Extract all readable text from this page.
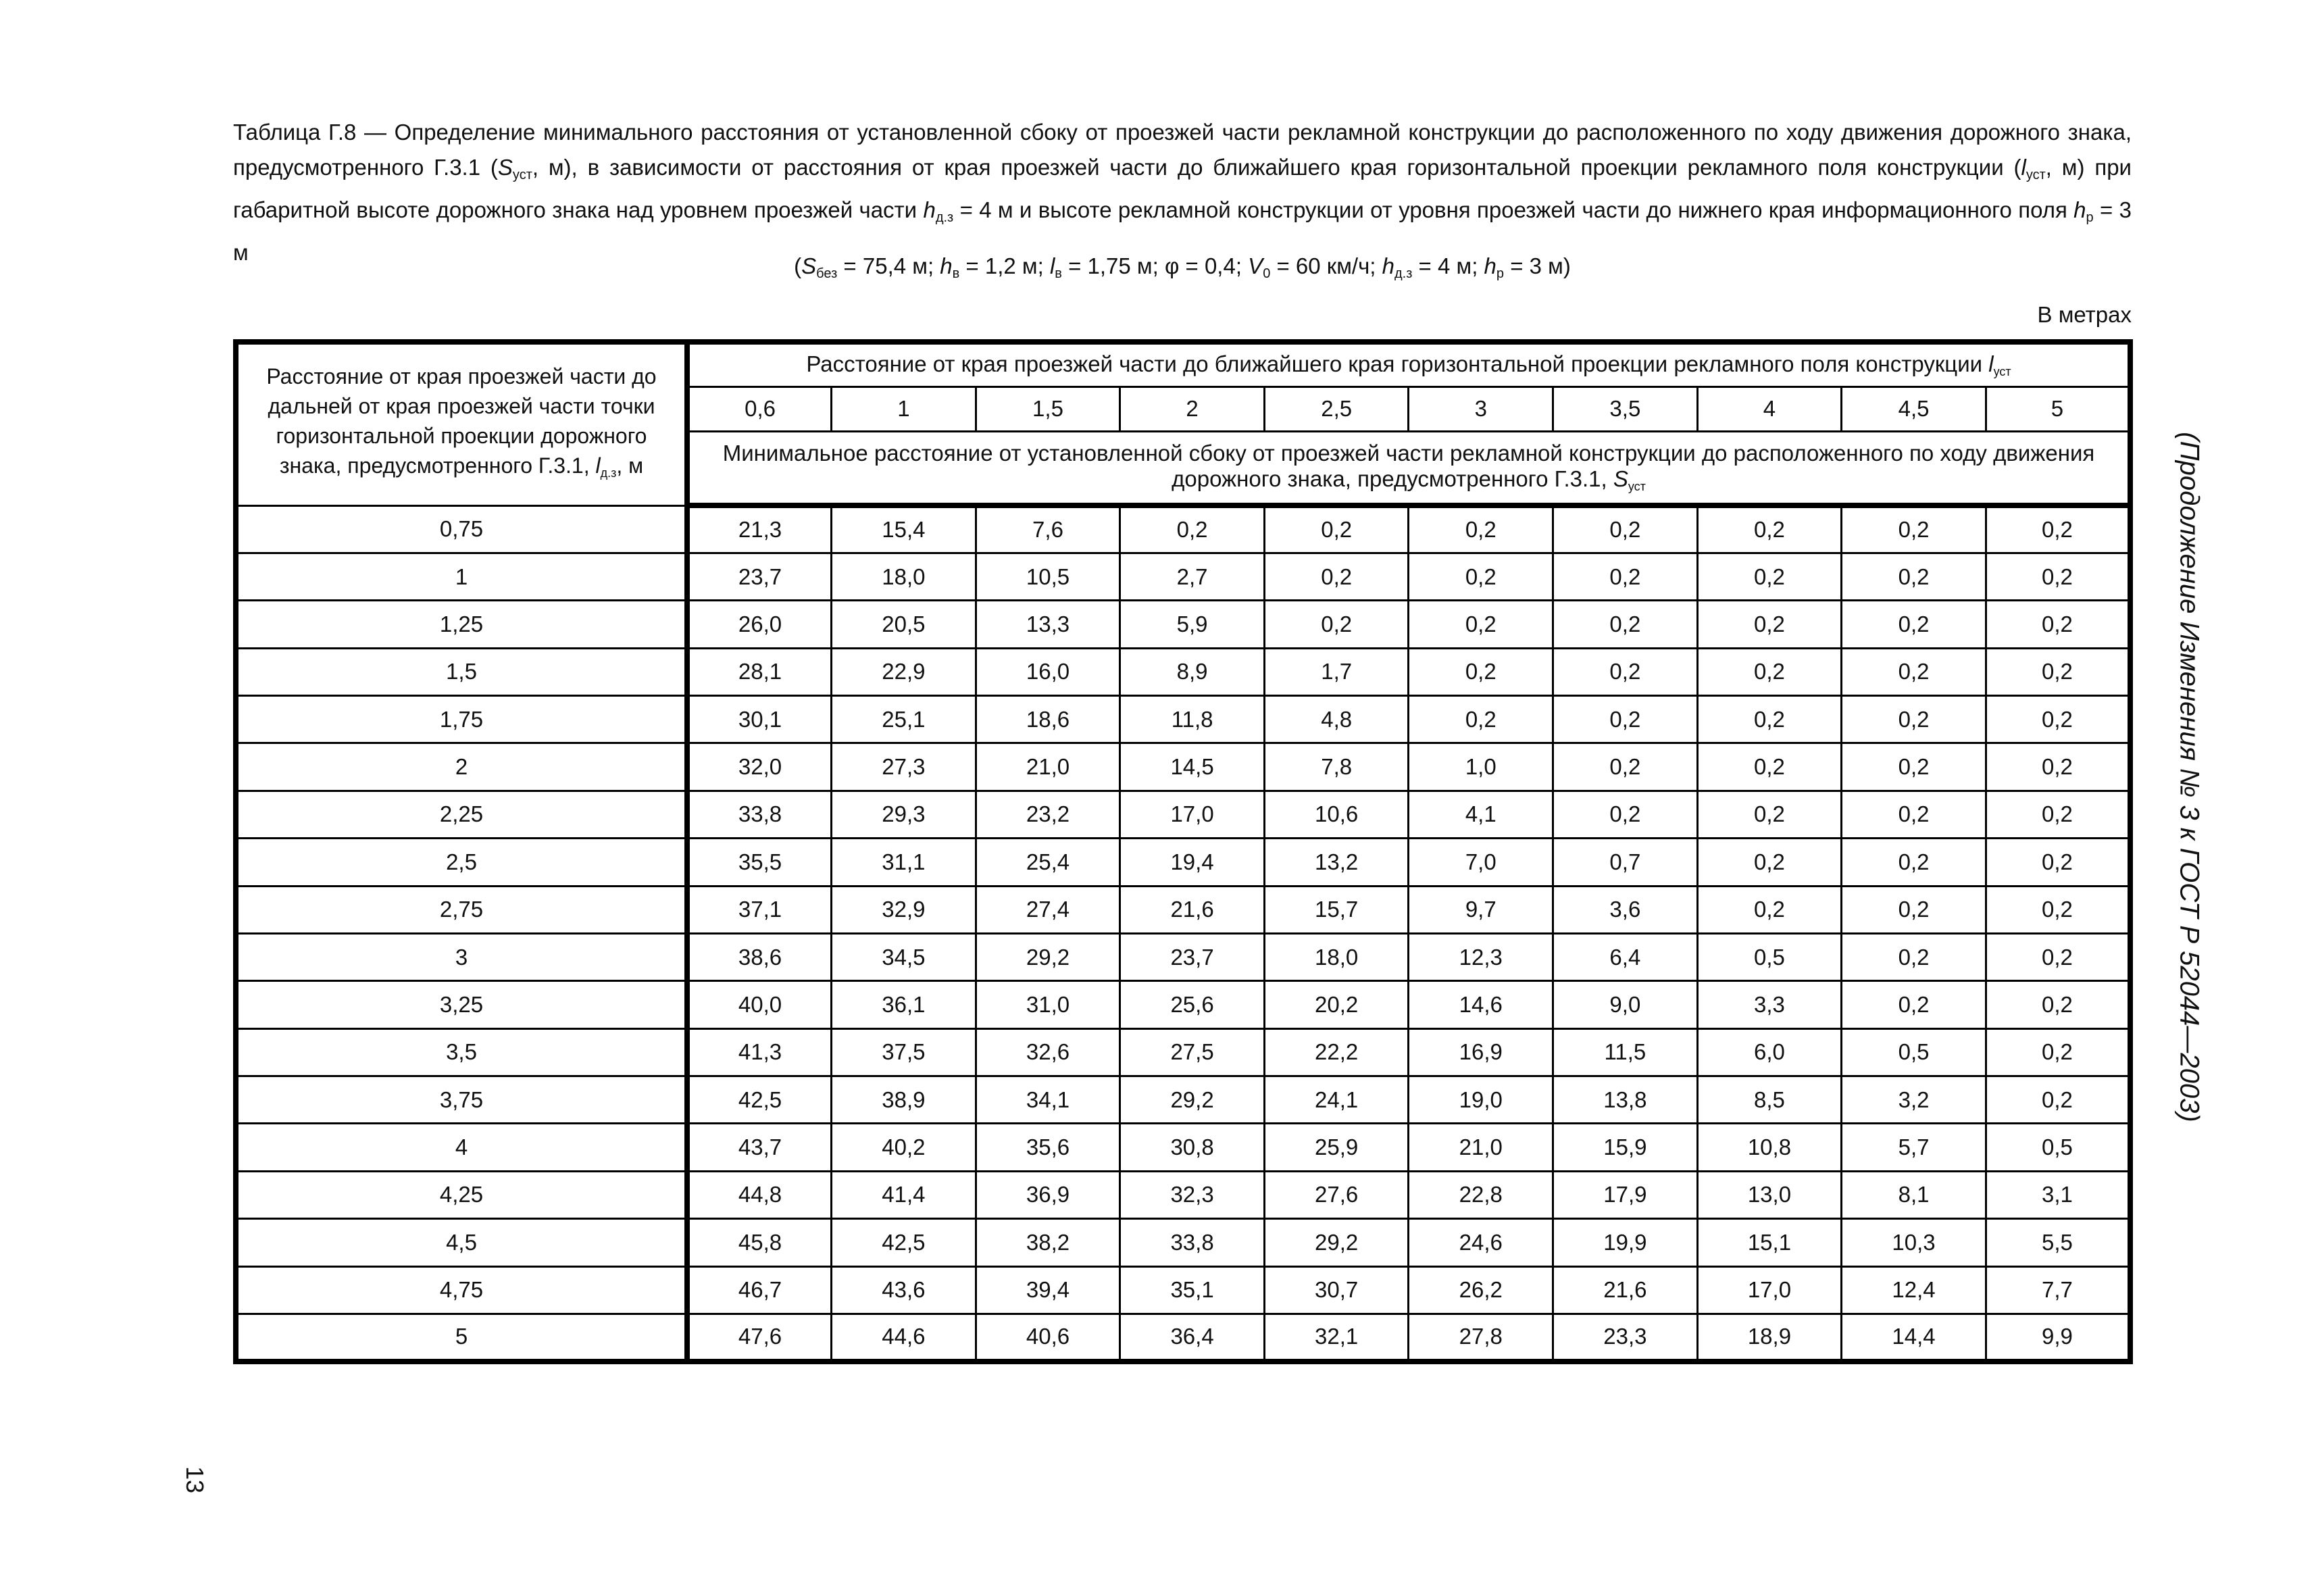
Таблица Г.8 — Определение минимального расстояния от установленной сбоку от проезжей части рекламной конструкции до расположенного по ходу движения дорожного знака, предусмотренного Г.3.1 ($S_{уст}$, м), в зависимости от расстояния от края проезжей части до ближайшего края горизонтальной проекции рекламного поля конструкции ($l_{уст}$, м) при габаритной высоте дорожного знака над уровнем проезжей части $h_{д.з} = 4$ м и высоте рекламной конструкции от уровня проезжей части до нижнего края информационного поля $h_р = 3$ м
($S_{без} = 75,4$ м; $h_в = 1,2$ м; $l_в = 1,75$ м; φ = 0,4; $V_0 = 60$ км/ч; $h_{д.з} = 4$ м; $h_р = 3$ м)
В метрах
Расстояние от края проезжей части до дальней от края проезжей части точки горизонтальной проекции дорожного знака, предусмотренного Г.3.1, $l_{д.з}$, м	Расстояние от края проезжей части до ближайшего края горизонтальной проекции рекламного поля конструкции $l_{уст}$
	0,6	1	1,5	2	2,5	3	3,5	4	4,5	5
	Минимальное расстояние от установленной сбоку от проезжей части рекламной конструкции до расположенного по ходу движения дорожного знака, предусмотренного Г.3.1, $S_{уст}$
0,75	21,3	15,4	7,6	0,2	0,2	0,2	0,2	0,2	0,2	0,2
1	23,7	18,0	10,5	2,7	0,2	0,2	0,2	0,2	0,2	0,2
1,25	26,0	20,5	13,3	5,9	0,2	0,2	0,2	0,2	0,2	0,2
1,5	28,1	22,9	16,0	8,9	1,7	0,2	0,2	0,2	0,2	0,2
1,75	30,1	25,1	18,6	11,8	4,8	0,2	0,2	0,2	0,2	0,2
2	32,0	27,3	21,0	14,5	7,8	1,0	0,2	0,2	0,2	0,2
2,25	33,8	29,3	23,2	17,0	10,6	4,1	0,2	0,2	0,2	0,2
2,5	35,5	31,1	25,4	19,4	13,2	7,0	0,7	0,2	0,2	0,2
2,75	37,1	32,9	27,4	21,6	15,7	9,7	3,6	0,2	0,2	0,2
3	38,6	34,5	29,2	23,7	18,0	12,3	6,4	0,5	0,2	0,2
3,25	40,0	36,1	31,0	25,6	20,2	14,6	9,0	3,3	0,2	0,2
3,5	41,3	37,5	32,6	27,5	22,2	16,9	11,5	6,0	0,5	0,2
3,75	42,5	38,9	34,1	29,2	24,1	19,0	13,8	8,5	3,2	0,2
4	43,7	40,2	35,6	30,8	25,9	21,0	15,9	10,8	5,7	0,5
4,25	44,8	41,4	36,9	32,3	27,6	22,8	17,9	13,0	8,1	3,1
4,5	45,8	42,5	38,2	33,8	29,2	24,6	19,9	15,1	10,3	5,5
4,75	46,7	43,6	39,4	35,1	30,7	26,2	21,6	17,0	12,4	7,7
5	47,6	44,6	40,6	36,4	32,1	27,8	23,3	18,9	14,4	9,9
(Продолжение Изменения № 3 к ГОСТ Р 52044—2003)
13
